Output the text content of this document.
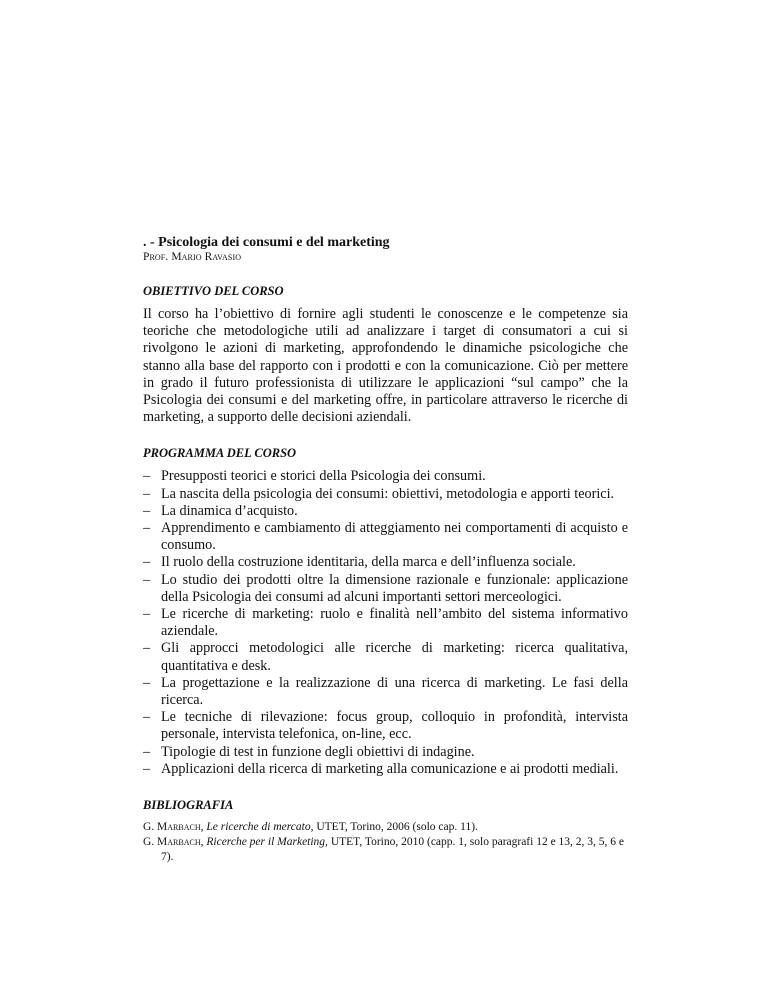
. - Psicologia dei consumi e del marketing

Prof. Mario Ravasio

OBIETTIVO DEL CORSO

Il corso ha l’obiettivo di fornire agli studenti le conoscenze e le competenze sia teoriche che metodologiche utili ad analizzare i target di consumatori a cui si rivolgono le azioni di marketing, approfondendo le dinamiche psicologiche che stanno alla base del rapporto con i prodotti e con la comunicazione. Ciò per mettere in grado il futuro professionista di utilizzare le applicazioni “sul campo” che la Psicologia dei consumi e del marketing offre, in particolare attraverso le ricerche di marketing, a supporto delle decisioni aziendali.

PROGRAMMA DEL CORSO
– Presupposti teorici e storici della Psicologia dei consumi.
– La nascita della psicologia dei consumi: obiettivi, metodologia e apporti teorici.
– La dinamica d’acquisto.
– Apprendimento e cambiamento di atteggiamento nei comportamenti di acquisto e consumo.
– Il ruolo della costruzione identitaria, della marca e dell’influenza sociale.
– Lo studio dei prodotti oltre la dimensione razionale e funzionale: applicazione della Psicologia dei consumi ad alcuni importanti settori merceologici.
– Le ricerche di marketing: ruolo e finalità nell’ambito del sistema informativo aziendale.
– Gli approcci metodologici alle ricerche di marketing: ricerca qualitativa, quantitativa e desk.
– La progettazione e la realizzazione di una ricerca di marketing. Le fasi della ricerca.
– Le tecniche di rilevazione: focus group, colloquio in profondità, intervista personale, intervista telefonica, on-line, ecc.
– Tipologie di test in funzione degli obiettivi di indagine.
– Applicazioni della ricerca di marketing alla comunicazione e ai prodotti mediali.
BIBLIOGRAFIA

G. Marbach, Le ricerche di mercato, UTET, Torino, 2006 (solo cap. 11).

G. Marbach, Ricerche per il Marketing, UTET, Torino, 2010 (capp. 1, solo paragrafi 12 e 13, 2, 3, 5, 6 e 7).
